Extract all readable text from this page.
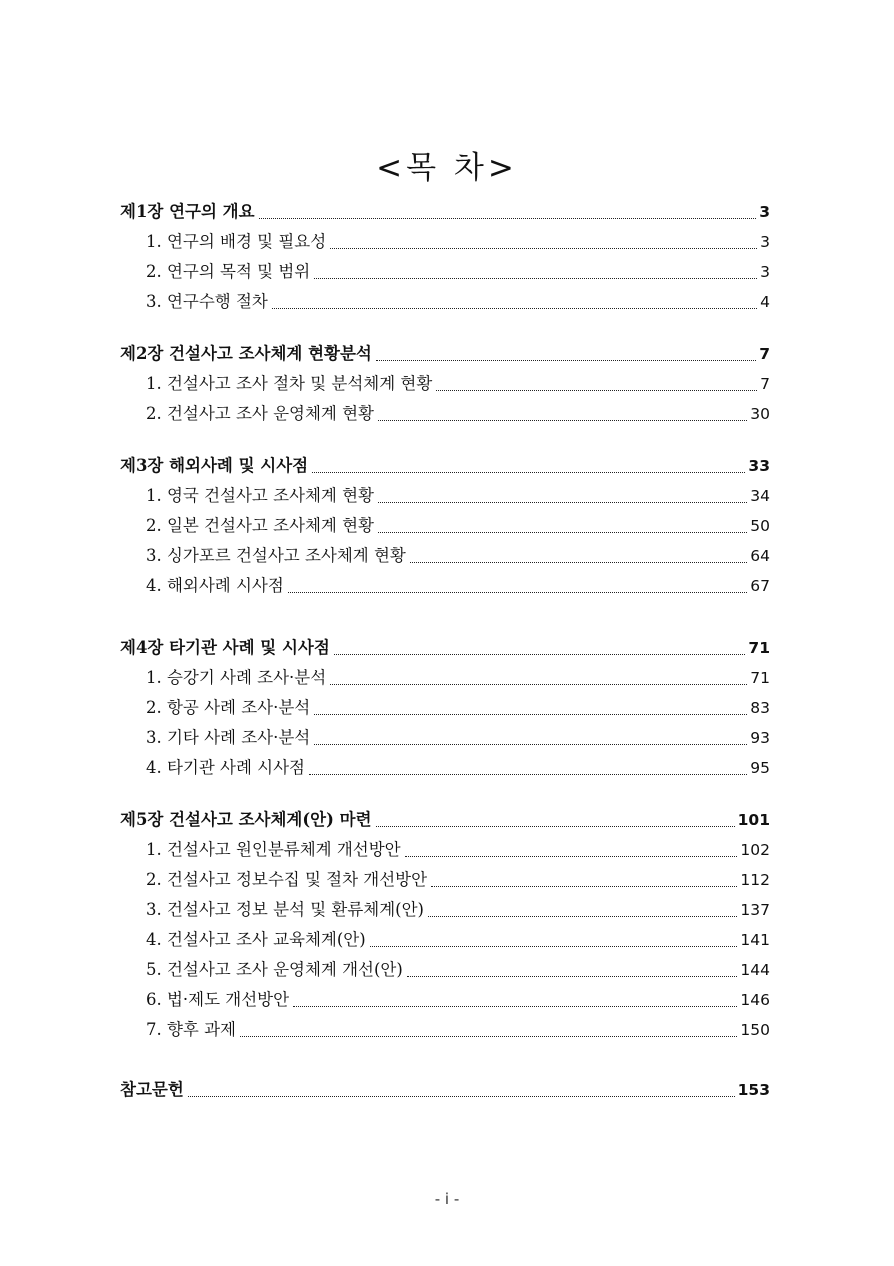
<목 차>
제1장 연구의 개요	3
1. 연구의 배경 및 필요성	3
2. 연구의 목적 및 범위	3
3. 연구수행 절차	4
제2장 건설사고 조사체계 현황분석	7
1. 건설사고 조사 절차 및 분석체계 현황	7
2. 건설사고 조사 운영체계 현황	30
제3장 해외사례 및 시사점	33
1. 영국 건설사고 조사체계 현황	34
2. 일본 건설사고 조사체계 현황	50
3. 싱가포르 건설사고 조사체계 현황	64
4. 해외사례 시사점	67
제4장 타기관 사례 및 시사점	71
1. 승강기 사례 조사·분석	71
2. 항공 사례 조사·분석	83
3. 기타 사례 조사·분석	93
4. 타기관 사례 시사점	95
제5장 건설사고 조사체계(안) 마련	101
1. 건설사고 원인분류체계 개선방안	102
2. 건설사고 정보수집 및 절차 개선방안	112
3. 건설사고 정보 분석 및 환류체계(안)	137
4. 건설사고 조사 교육체계(안)	141
5. 건설사고 조사 운영체계 개선(안)	144
6. 법·제도 개선방안	146
7. 향후 과제	150
참고문헌	153
- i -
